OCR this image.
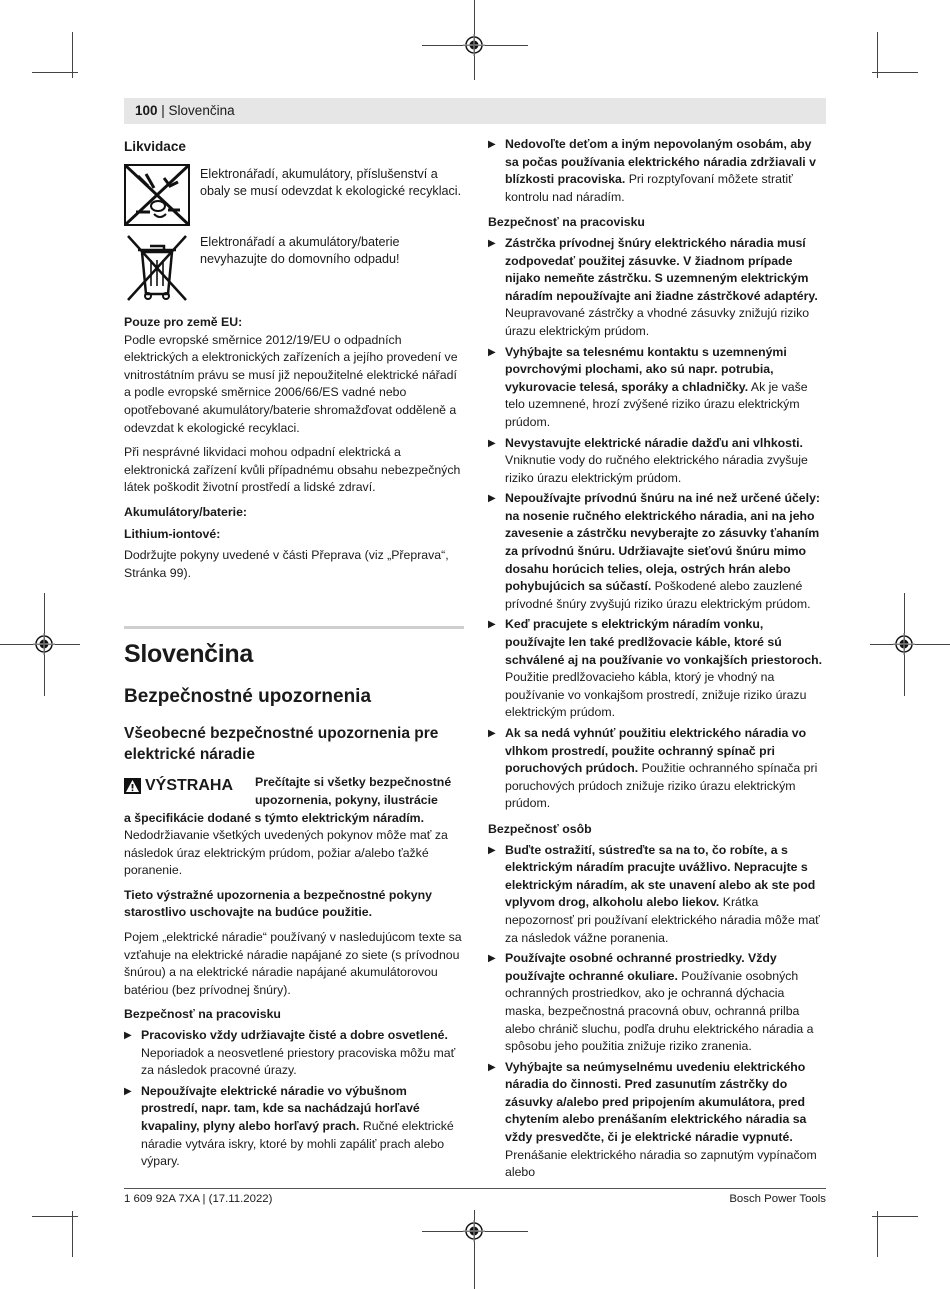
100 | Slovenčina
Likvidace
Elektronářadí, akumulátory, příslušenství a obaly se musí odevzdat k ekologické recyklaci.
Elektronářadí a akumulátory/baterie nevyhazujte do domovního odpadu!
Pouze pro země EU:

Podle evropské směrnice 2012/19/EU o odpadních elektrických a elektronických zařízeních a jejího provedení ve vnitrostátním právu se musí již nepoužitelné elektrické nářadí a podle evropské směrnice 2006/66/ES vadné nebo opotřebované akumulátory/baterie shromažďovat odděleně a odevzdat k ekologické recyklaci.

Při nesprávné likvidaci mohou odpadní elektrická a elektronická zařízení kvůli případnému obsahu nebezpečných látek poškodit životní prostředí a lidské zdraví.

Akumulátory/baterie:
Lithium-iontové:

Dodržujte pokyny uvedené v části Přeprava (viz „Přeprava“, Stránka 99).

Slovenčina
Bezpečnostné upozornenia
Všeobecné bezpečnostné upozornenia pre elektrické náradie
VÝSTRAHA Prečítajte si všetky bezpečnostné upozornenia, pokyny, ilustrácie
a špecifikácie dodané s týmto elektrickým náradím.

Nedodržiavanie všetkých uvedených pokynov môže mať za následok úraz elektrickým prúdom, požiar a/alebo ťažké poranenie.

Tieto výstražné upozornenia a bezpečnostné pokyny starostlivo uschovajte na budúce použitie.

Pojem „elektrické náradie“ používaný v nasledujúcom texte sa vzťahuje na elektrické náradie napájané zo siete (s prívodnou šnúrou) a na elektrické náradie napájané akumulátorovou batériou (bez prívodnej šnúry).

Bezpečnosť na pracovisku
▶ Pracovisko vždy udržiavajte čisté a dobre osvetlené. Neporiadok a neosvetlené priestory pracoviska môžu mať za následok pracovné úrazy.
▶ Nepoužívajte elektrické náradie vo výbušnom prostredí, napr. tam, kde sa nachádzajú horľavé kvapaliny, plyny alebo horľavý prach. Ručné elektrické náradie vytvára iskry, ktoré by mohli zapáliť prach alebo výpary.
▶ Nedovoľte deťom a iným nepovolaným osobám, aby sa počas používania elektrického náradia zdržiavali v blízkosti pracoviska. Pri rozptyľovaní môžete stratiť kontrolu nad náradím.
Bezpečnosť na pracovisku
▶ Zástrčka prívodnej šnúry elektrického náradia musí zodpovedať použitej zásuvke. V žiadnom prípade nijako nemeňte zástrčku. S uzemneným elektrickým náradím nepoužívajte ani žiadne zástrčkové adaptéry. Neupravované zástrčky a vhodné zásuvky znižujú riziko úrazu elektrickým prúdom.
▶ Vyhýbajte sa telesnému kontaktu s uzemnenými povrchovými plochami, ako sú napr. potrubia, vykurovacie telesá, sporáky a chladničky. Ak je vaše telo uzemnené, hrozí zvýšené riziko úrazu elektrickým prúdom.
▶ Nevystavujte elektrické náradie dažďu ani vlhkosti. Vniknutie vody do ručného elektrického náradia zvyšuje riziko úrazu elektrickým prúdom.
▶ Nepoužívajte prívodnú šnúru na iné než určené účely: na nosenie ručného elektrického náradia, ani na jeho zavesenie a zástrčku nevyberajte zo zásuvky ťahaním za prívodnú šnúru. Udržiavajte sieťovú šnúru mimo dosahu horúcich telies, oleja, ostrých hrán alebo pohybujúcich sa súčastí. Poškodené alebo zauzlené prívodné šnúry zvyšujú riziko úrazu elektrickým prúdom.
▶ Keď pracujete s elektrickým náradím vonku, používajte len také predlžovacie káble, ktoré sú schválené aj na používanie vo vonkajších priestoroch. Použitie predlžovacieho kábla, ktorý je vhodný na používanie vo vonkajšom prostredí, znižuje riziko úrazu elektrickým prúdom.
▶ Ak sa nedá vyhnúť použitiu elektrického náradia vo vlhkom prostredí, použite ochranný spínač pri poruchových prúdoch. Použitie ochranného spínača pri poruchových prúdoch znižuje riziko úrazu elektrickým prúdom.
Bezpečnosť osôb
▶ Buďte ostražití, sústreďte sa na to, čo robíte, a s elektrickým náradím pracujte uvážlivo. Nepracujte s elektrickým náradím, ak ste unavení alebo ak ste pod vplyvom drog, alkoholu alebo liekov. Krátka nepozornosť pri používaní elektrického náradia môže mať za následok vážne poranenia.
▶ Používajte osobné ochranné prostriedky. Vždy používajte ochranné okuliare. Používanie osobných ochranných prostriedkov, ako je ochranná dýchacia maska, bezpečnostná pracovná obuv, ochranná prilba alebo chránič sluchu, podľa druhu elektrického náradia a spôsobu jeho použitia znižuje riziko zranenia.
▶ Vyhýbajte sa neúmyselnému uvedeniu elektrického náradia do činnosti. Pred zasunutím zástrčky do zásuvky a/alebo pred pripojením akumulátora, pred chytením alebo prenášaním elektrického náradia sa vždy presvedčte, či je elektrické náradie vypnuté. Prenášanie elektrického náradia so zapnutým vypínačom alebo
1 609 92A 7XA | (17.11.2022)	Bosch Power Tools
